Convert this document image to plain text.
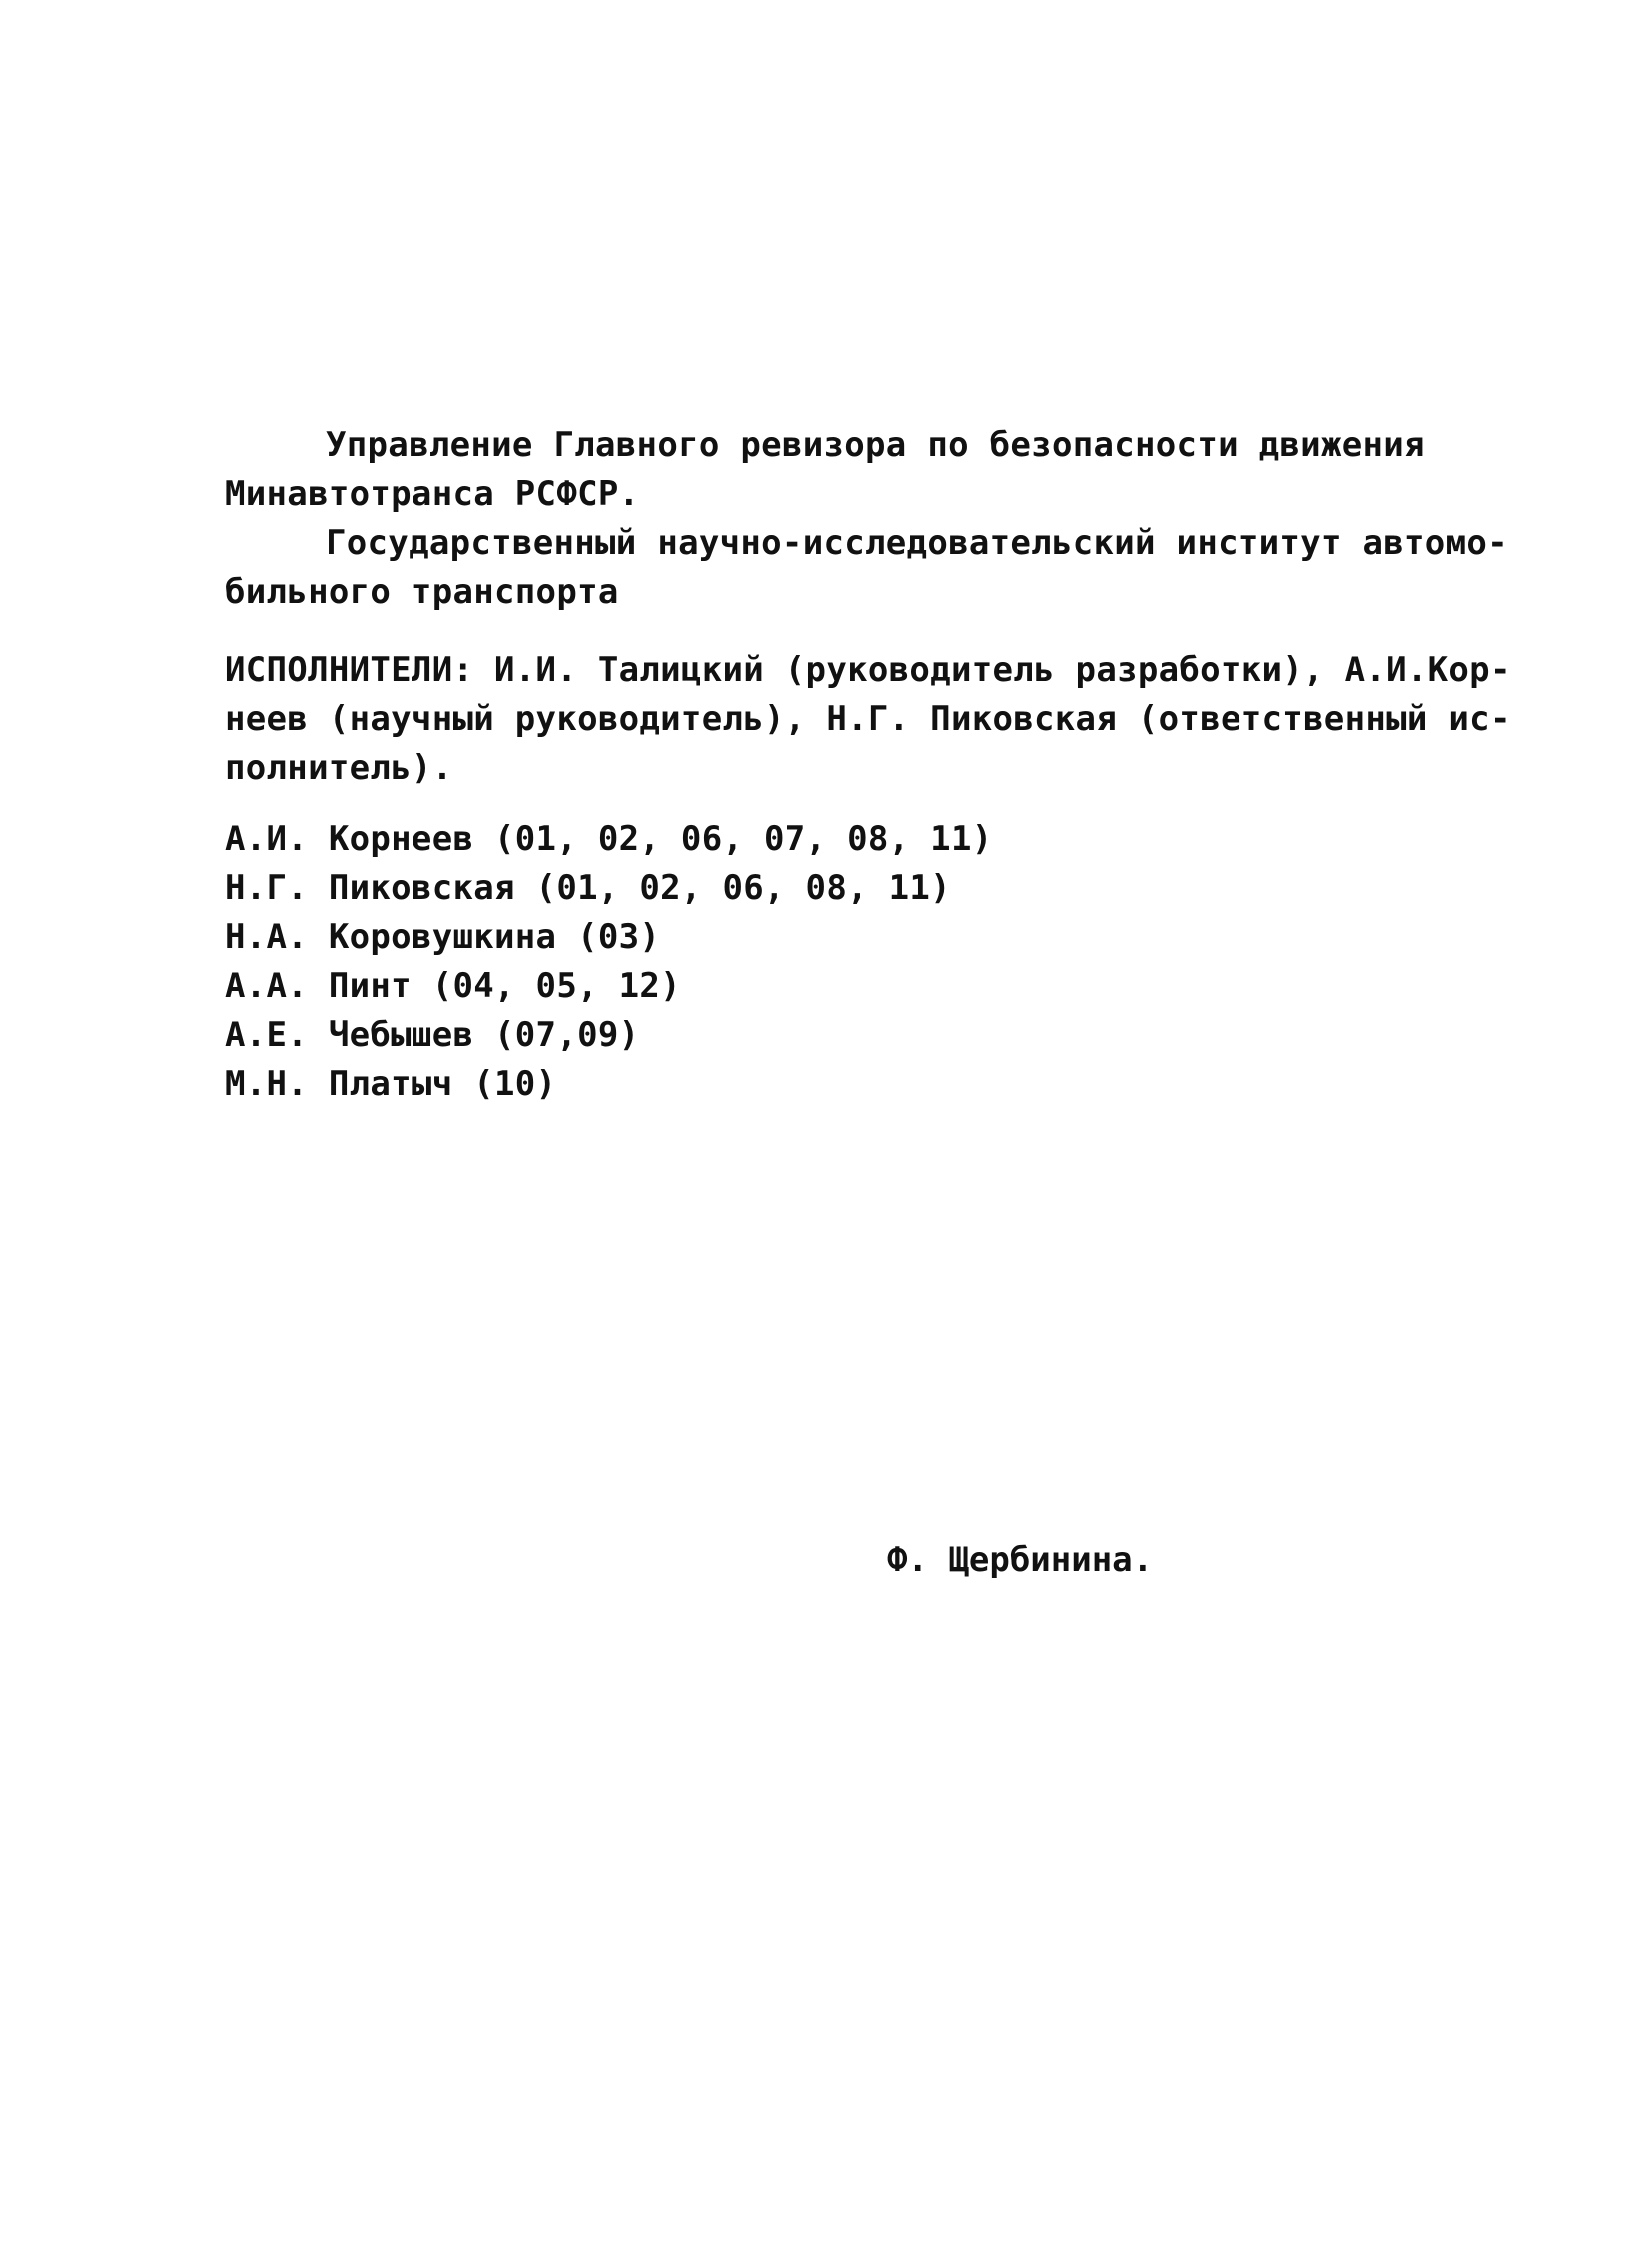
Управление Главного ревизора по безопасности движения
Минавтотранса РСФСР.
Государственный научно-исследовательский институт автомо-
бильного транспорта
ИСПОЛНИТЕЛИ: И.И. Талицкий (руководитель разработки), А.И.Кор-
неев (научный руководитель), Н.Г. Пиковская (ответственный ис-
полнитель).
А.И. Корнеев (01, 02, 06, 07, 08, 11)
Н.Г. Пиковская (01, 02, 06, 08, 11)
Н.А. Коровушкина (03)
А.А. Пинт (04, 05, 12)
А.Е. Чебышев (07,09)
М.Н. Платыч (10)
Ф. Щербинина.
